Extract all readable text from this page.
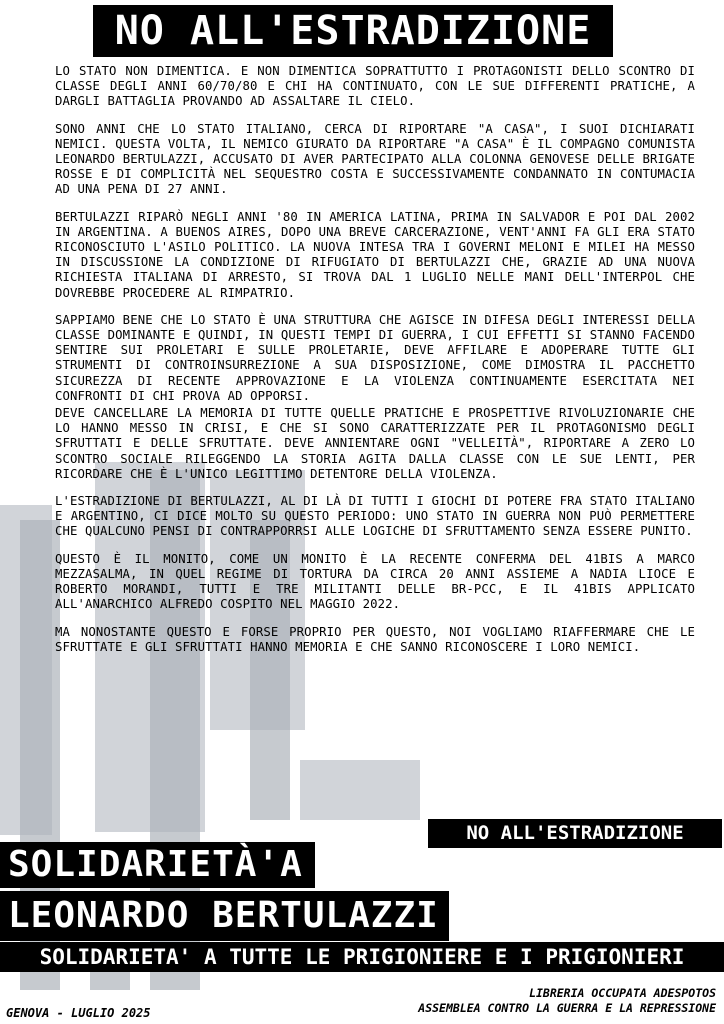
NO ALL'ESTRADIZIONE

LO STATO NON DIMENTICA. E NON DIMENTICA SOPRATTUTTO I PROTAGONISTI DELLO SCONTRO DI CLASSE DEGLI ANNI 60/70/80 E CHI HA CONTINUATO, CON LE SUE DIFFERENTI PRATICHE, A DARGLI BATTAGLIA PROVANDO AD ASSALTARE IL CIELO.

SONO ANNI CHE LO STATO ITALIANO, CERCA DI RIPORTARE "A CASA", I SUOI DICHIARATI NEMICI. QUESTA VOLTA, IL NEMICO GIURATO DA RIPORTARE "A CASA" È IL COMPAGNO COMUNISTA LEONARDO BERTULAZZI, ACCUSATO DI AVER PARTECIPATO ALLA COLONNA GENOVESE DELLE BRIGATE ROSSE E DI COMPLICITÀ NEL SEQUESTRO COSTA E SUCCESSIVAMENTE CONDANNATO IN CONTUMACIA AD UNA PENA DI 27 ANNI.

BERTULAZZI RIPARÒ NEGLI ANNI '80 IN AMERICA LATINA, PRIMA IN SALVADOR E POI DAL 2002 IN ARGENTINA. A BUENOS AIRES, DOPO UNA BREVE CARCERAZIONE, VENT'ANNI FA GLI ERA STATO RICONOSCIUTO L'ASILO POLITICO. LA NUOVA INTESA TRA I GOVERNI MELONI E MILEI HA MESSO IN DISCUSSIONE LA CONDIZIONE DI RIFUGIATO DI BERTULAZZI CHE, GRAZIE AD UNA NUOVA RICHIESTA ITALIANA DI ARRESTO, SI TROVA DAL 1 LUGLIO NELLE MANI DELL'INTERPOL CHE DOVREBBE PROCEDERE AL RIMPATRIO.

SAPPIAMO BENE CHE LO STATO È UNA STRUTTURA CHE AGISCE IN DIFESA DEGLI INTERESSI DELLA CLASSE DOMINANTE E QUINDI, IN QUESTI TEMPI DI GUERRA, I CUI EFFETTI SI STANNO FACENDO SENTIRE SUI PROLETARI E SULLE PROLETARIE, DEVE AFFILARE E ADOPERARE TUTTE GLI STRUMENTI DI CONTROINSURREZIONE A SUA DISPOSIZIONE, COME DIMOSTRA IL PACCHETTO SICUREZZA DI RECENTE APPROVAZIONE E LA VIOLENZA CONTINUAMENTE ESERCITATA NEI CONFRONTI DI CHI PROVA AD OPPORSI.

DEVE CANCELLARE LA MEMORIA DI TUTTE QUELLE PRATICHE E PROSPETTIVE RIVOLUZIONARIE CHE LO HANNO MESSO IN CRISI, E CHE SI SONO CARATTERIZZATE PER IL PROTAGONISMO DEGLI SFRUTTATI E DELLE SFRUTTATE. DEVE ANNIENTARE OGNI "VELLEITÀ", RIPORTARE A ZERO LO SCONTRO SOCIALE RILEGGENDO LA STORIA AGITA DALLA CLASSE CON LE SUE LENTI, PER RICORDARE CHE È L'UNICO LEGITTIMO DETENTORE DELLA VIOLENZA.

L'ESTRADIZIONE DI BERTULAZZI, AL DI LÀ DI TUTTI I GIOCHI DI POTERE FRA STATO ITALIANO E ARGENTINO, CI DICE MOLTO SU QUESTO PERIODO: UNO STATO IN GUERRA NON PUÒ PERMETTERE CHE QUALCUNO PENSI DI CONTRAPPORRSI ALLE LOGICHE DI SFRUTTAMENTO SENZA ESSERE PUNITO.

QUESTO È IL MONITO, COME UN MONITO È LA RECENTE CONFERMA DEL 41BIS A MARCO MEZZASALMA, IN QUEL REGIME DI TORTURA DA CIRCA 20 ANNI ASSIEME A NADIA LIOCE E ROBERTO MORANDI, TUTTI E TRE MILITANTI DELLE BR-PCC, E IL 41BIS APPLICATO ALL'ANARCHICO ALFREDO COSPITO NEL MAGGIO 2022.

MA NONOSTANTE QUESTO E FORSE PROPRIO PER QUESTO, NOI VOGLIAMO RIAFFERMARE CHE LE SFRUTTATE E GLI SFRUTTATI HANNO MEMORIA E CHE SANNO RICONOSCERE I LORO NEMICI.

NO ALL'ESTRADIZIONE
SOLIDARIETÀ'A
LEONARDO BERTULAZZI
SOLIDARIETA' A TUTTE LE PRIGIONIERE E I PRIGIONIERI
GENOVA - LUGLIO 2025
LIBRERIA OCCUPATA ADESPOTOS
ASSEMBLEA CONTRO LA GUERRA E LA REPRESSIONE
